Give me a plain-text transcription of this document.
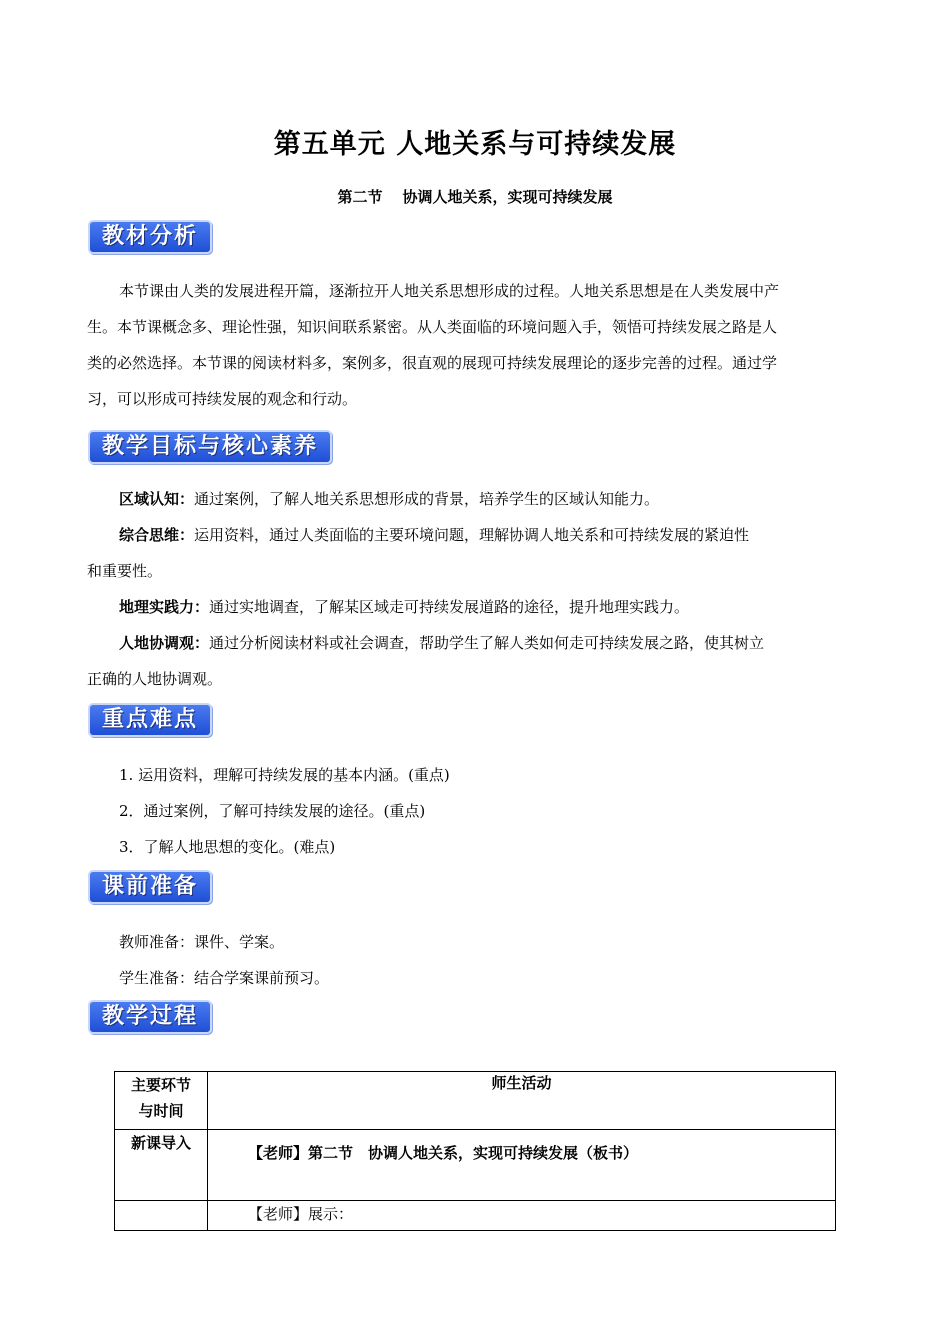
第五单元 人地关系与可持续发展
第二节 协调人地关系，实现可持续发展
教材分析

本节课由人类的发展进程开篇，逐渐拉开人地关系思想形成的过程。人地关系思想是在人类发展中产

生。本节课概念多、理论性强，知识间联系紧密。从人类面临的环境问题入手，领悟可持续发展之路是人

类的必然选择。本节课的阅读材料多，案例多，很直观的展现可持续发展理论的逐步完善的过程。通过学

习，可以形成可持续发展的观念和行动。

教学目标与核心素养

区域认知：通过案例，了解人地关系思想形成的背景，培养学生的区域认知能力。

综合思维：运用资料，通过人类面临的主要环境问题，理解协调人地关系和可持续发展的紧迫性

和重要性。

地理实践力：通过实地调查，了解某区域走可持续发展道路的途径，提升地理实践力。

人地协调观：通过分析阅读材料或社会调查，帮助学生了解人类如何走可持续发展之路，使其树立

正确的人地协调观。

重点难点

1. 运用资料，理解可持续发展的基本内涵。(重点)

2．通过案例，了解可持续发展的途径。(重点)

3．了解人地思想的变化。(难点)

课前准备

教师准备：课件、学案。

学生准备：结合学案课前预习。

教学过程
主要环节
与时间	师生活动
新课导入	【老师】第二节　协调人地关系，实现可持续发展（板书）
	【老师】展示：
